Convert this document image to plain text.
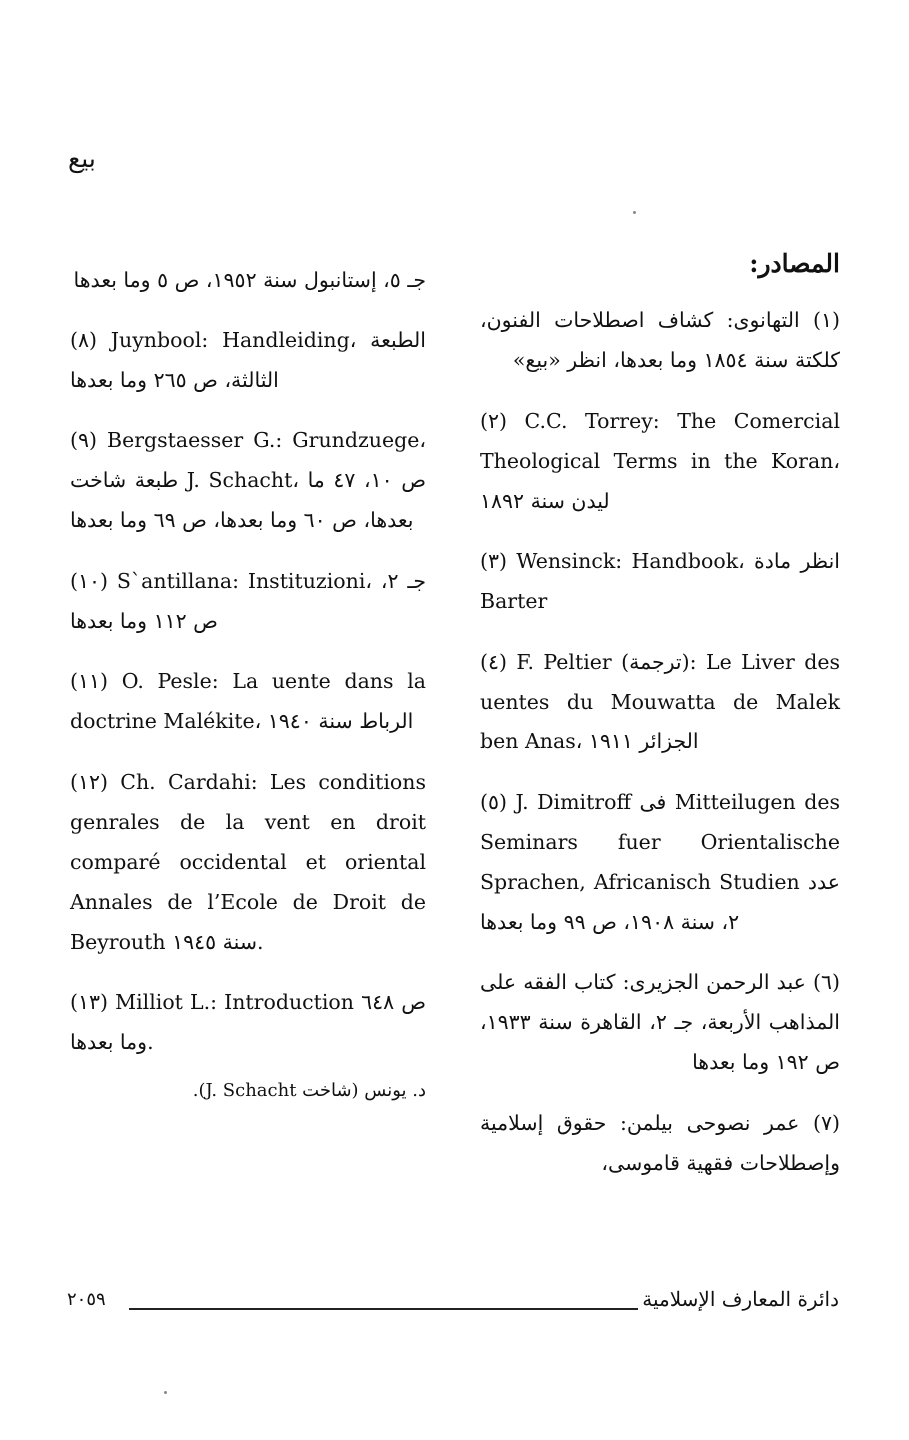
بيع
المصادر:

(١) التهانوى: كشاف اصطلاحات الفنون، كلكتة سنة ١٨٥٤ وما بعدها، انظر «بيع»

(٢) C.C. Torrey: The Comercial Theological Terms in the Koran، ليدن سنة ١٨٩٢

(٣) Wensinck: Handbook، انظر مادة Barter

(٤) F. Peltier (ترجمة): Le Liver des uentes du Mouwatta de Malek ben Anas، الجزائر ١٩١١

(٥) J. Dimitroff فى Mitteilugen des Seminars fuer Orientalische Sprachen, Africanisch Studien عدد ٢، سنة ١٩٠٨، ص ٩٩ وما بعدها

(٦) عبد الرحمن الجزيرى: كتاب الفقه على المذاهب الأربعة، جـ ٢، القاهرة سنة ١٩٣٣، ص ١٩٢ وما بعدها

(٧) عمر نصوحى بيلمن: حقوق إسلامية وإصطلاحات فقهية قاموسى،

جـ ٥، إستانبول سنة ١٩٥٢، ص ٥ وما بعدها

(٨) Juynbool: Handleiding، الطبعة الثالثة، ص ٢٦٥ وما بعدها

(٩) Bergstaesser G.: Grundzuege، طبعة شاخت J. Schacht، ص ١٠، ٤٧ ما بعدها، ص ٦٠ وما بعدها، ص ٦٩ وما بعدها

(١٠) S`antillana: Instituzioni، جـ ٢، ص ١١٢ وما بعدها

(١١) O. Pesle: La uente dans la doctrine Malékite، الرباط سنة ١٩٤٠

(١٢) Ch. Cardahi: Les conditions genrales de la vent en droit comparé occidental et oriental Annales de l’Ecole de Droit de Beyrouth سنة ١٩٤٥.

(١٣) Milliot L.: Introduction ص ٦٤٨ وما بعدها.

د. يونس (شاخت J. Schacht).

٢٠٥٩	دائرة المعارف الإسلامية
